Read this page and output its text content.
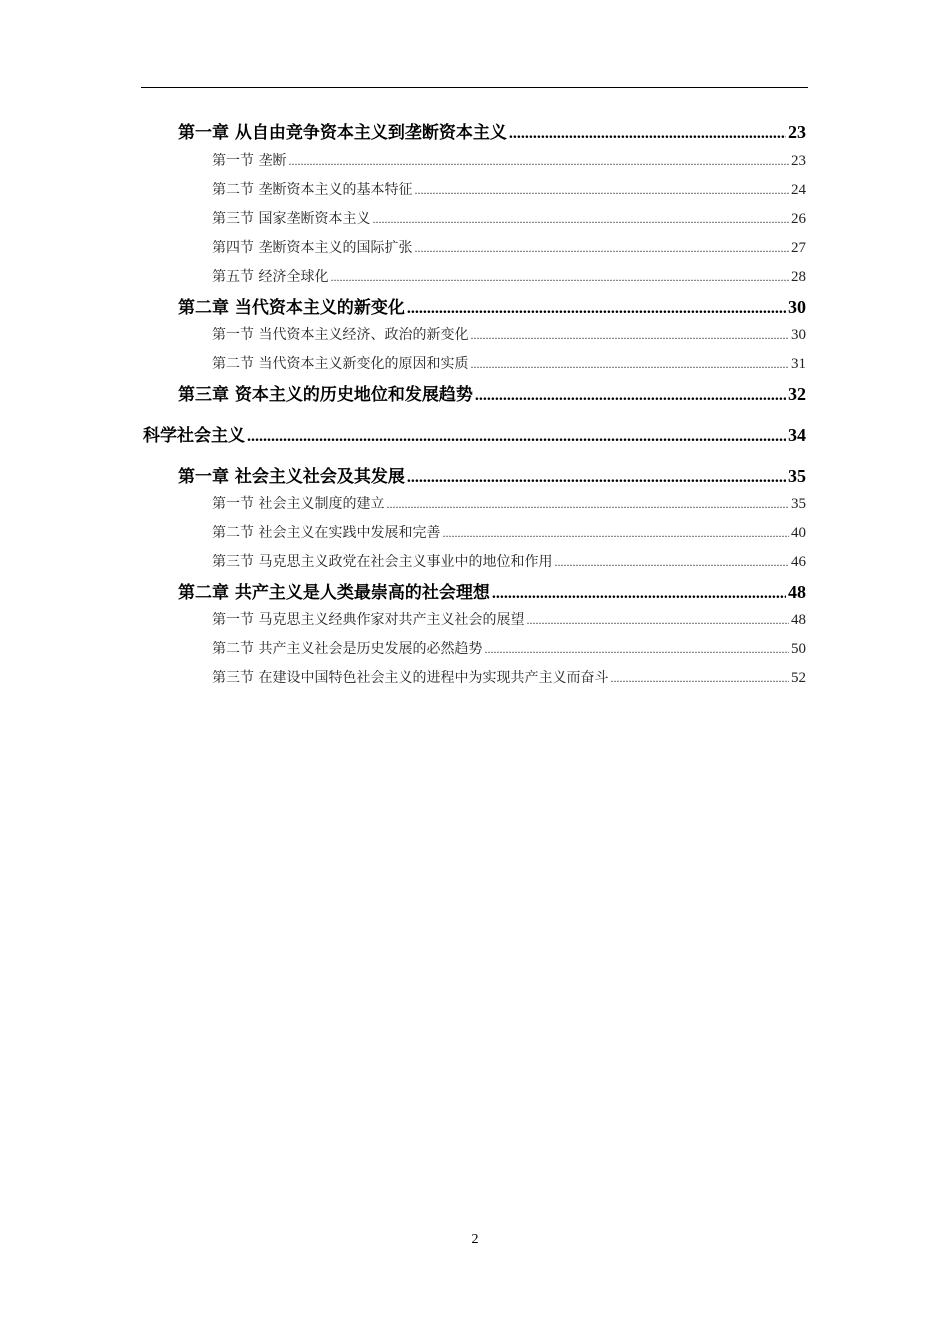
第一章 从自由竞争资本主义到垄断资本主义 .....	23
第一节 垄断 .....	23
第二节 垄断资本主义的基本特征 .....	24
第三节 国家垄断资本主义 .....	26
第四节 垄断资本主义的国际扩张 .....	27
第五节 经济全球化 .....	28
第二章 当代资本主义的新变化 .....	30
第一节 当代资本主义经济、政治的新变化 .....	30
第二节 当代资本主义新变化的原因和实质 .....	31
第三章 资本主义的历史地位和发展趋势 .....	32
科学社会主义 .....	34
第一章 社会主义社会及其发展 .....	35
第一节 社会主义制度的建立 .....	35
第二节 社会主义在实践中发展和完善 .....	40
第三节 马克思主义政党在社会主义事业中的地位和作用 .....	46
第二章 共产主义是人类最崇高的社会理想 .....	48
第一节 马克思主义经典作家对共产主义社会的展望 .....	48
第二节 共产主义社会是历史发展的必然趋势 .....	50
第三节 在建设中国特色社会主义的进程中为实现共产主义而奋斗 .....	52
2
